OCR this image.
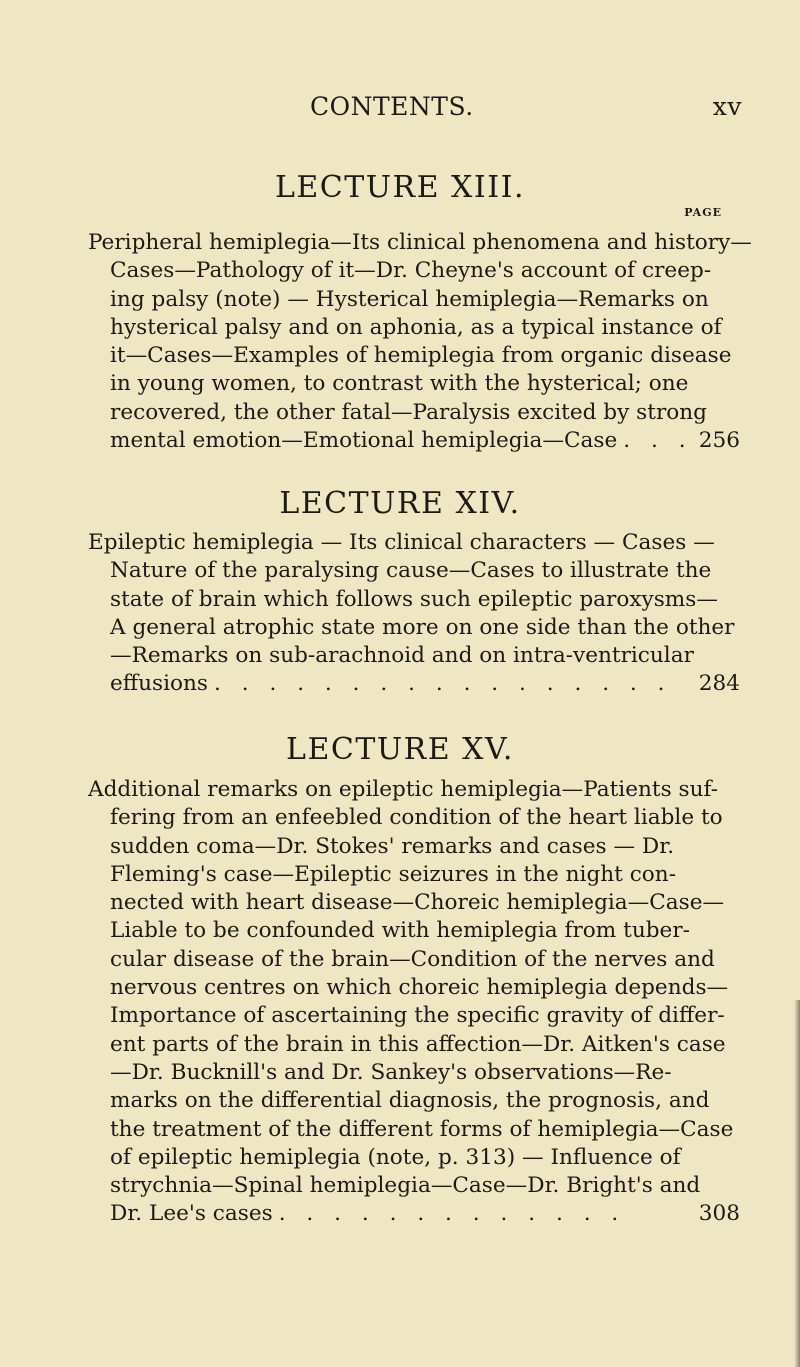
CONTENTS.	xv
LECTURE XIII.
PAGE
Peripheral hemiplegia—Its clinical phenomena and history—
Cases—Pathology of it—Dr. Cheyne's account of creep-
ing palsy (note) — Hysterical hemiplegia—Remarks on
hysterical palsy and on aphonia, as a typical instance of
it—Cases—Examples of hemiplegia from organic disease
in young women, to contrast with the hysterical; one
recovered, the other fatal—Paralysis excited by strong
mental emotion—Emotional hemiplegia—Case . . . 256
LECTURE XIV.
Epileptic hemiplegia — Its clinical characters — Cases —
Nature of the paralysing cause—Cases to illustrate the
state of brain which follows such epileptic paroxysms—
A general atrophic state more on one side than the other
—Remarks on sub-arachnoid and on intra-ventricular
effusions . . . . . . . . . . . . . . . . .	284
LECTURE XV.
Additional remarks on epileptic hemiplegia—Patients suf-
fering from an enfeebled condition of the heart liable to
sudden coma—Dr. Stokes' remarks and cases — Dr.
Fleming's case—Epileptic seizures in the night con-
nected with heart disease—Choreic hemiplegia—Case—
Liable to be confounded with hemiplegia from tuber-
cular disease of the brain—Condition of the nerves and
nervous centres on which choreic hemiplegia depends—
Importance of ascertaining the specific gravity of differ-
ent parts of the brain in this affection—Dr. Aitken's case
—Dr. Bucknill's and Dr. Sankey's observations—Re-
marks on the differential diagnosis, the prognosis, and
the treatment of the different forms of hemiplegia—Case
of epileptic hemiplegia (note, p. 313) — Influence of
strychnia—Spinal hemiplegia—Case—Dr. Bright's and
Dr. Lee's cases . . . . . . . . . . . . .	308
